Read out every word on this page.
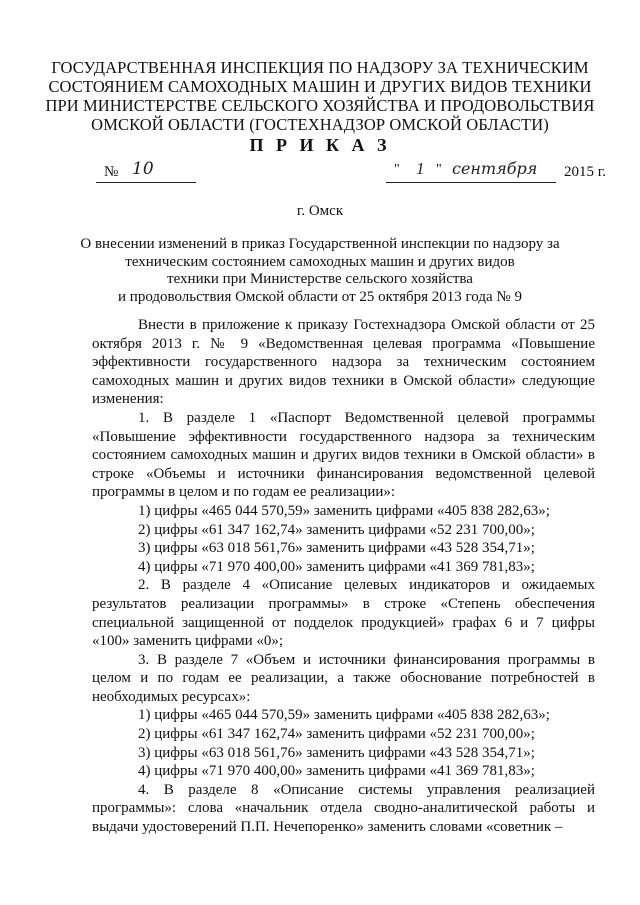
ГОСУДАРСТВЕННАЯ ИНСПЕКЦИЯ ПО НАДЗОРУ ЗА ТЕХНИЧЕСКИМ
СОСТОЯНИЕМ САМОХОДНЫХ МАШИН И ДРУГИХ ВИДОВ ТЕХНИКИ
ПРИ МИНИСТЕРСТВЕ СЕЛЬСКОГО ХОЗЯЙСТВА И ПРОДОВОЛЬСТВИЯ
ОМСКОЙ ОБЛАСТИ (ГОСТЕХНАДЗОР ОМСКОЙ ОБЛАСТИ)
П Р И К А З
№ 10	" 1 " сентября 2015 г.
г. Омск
О внесении изменений в приказ Государственной инспекции по надзору за
техническим состоянием самоходных машин и других видов
техники при Министерстве сельского хозяйства
и продовольствия Омской области от 25 октября 2013 года № 9

Внести в приложение к приказу Гостехнадзора Омской области от 25 октября 2013 г. № 9 «Ведомственная целевая программа «Повышение эффективности государственного надзора за техническим состоянием самоходных машин и других видов техники в Омской области» следующие изменения:

1. В разделе 1 «Паспорт Ведомственной целевой программы «Повышение эффективности государственного надзора за техническим состоянием самоходных машин и других видов техники в Омской области» в строке «Объемы и источники финансирования ведомственной целевой программы в целом и по годам ее реализации»:

1) цифры «465 044 570,59» заменить цифрами «405 838 282,63»;

2) цифры «61 347 162,74» заменить цифрами «52 231 700,00»;

3) цифры «63 018 561,76» заменить цифрами «43 528 354,71»;

4) цифры «71 970 400,00» заменить цифрами «41 369 781,83»;

2. В разделе 4 «Описание целевых индикаторов и ожидаемых результатов реализации программы» в строке «Степень обеспечения специальной защищенной от подделок продукцией» графах 6 и 7 цифры «100» заменить цифрами «0»;

3. В разделе 7 «Объем и источники финансирования программы в целом и по годам ее реализации, а также обоснование потребностей в необходимых ресурсах»:

1) цифры «465 044 570,59» заменить цифрами «405 838 282,63»;

2) цифры «61 347 162,74» заменить цифрами «52 231 700,00»;

3) цифры «63 018 561,76» заменить цифрами «43 528 354,71»;

4) цифры «71 970 400,00» заменить цифрами «41 369 781,83»;

4. В разделе 8 «Описание системы управления реализацией программы»: слова «начальник отдела сводно-аналитической работы и выдачи удостоверений П.П. Нечепоренко» заменить словами «советник –
